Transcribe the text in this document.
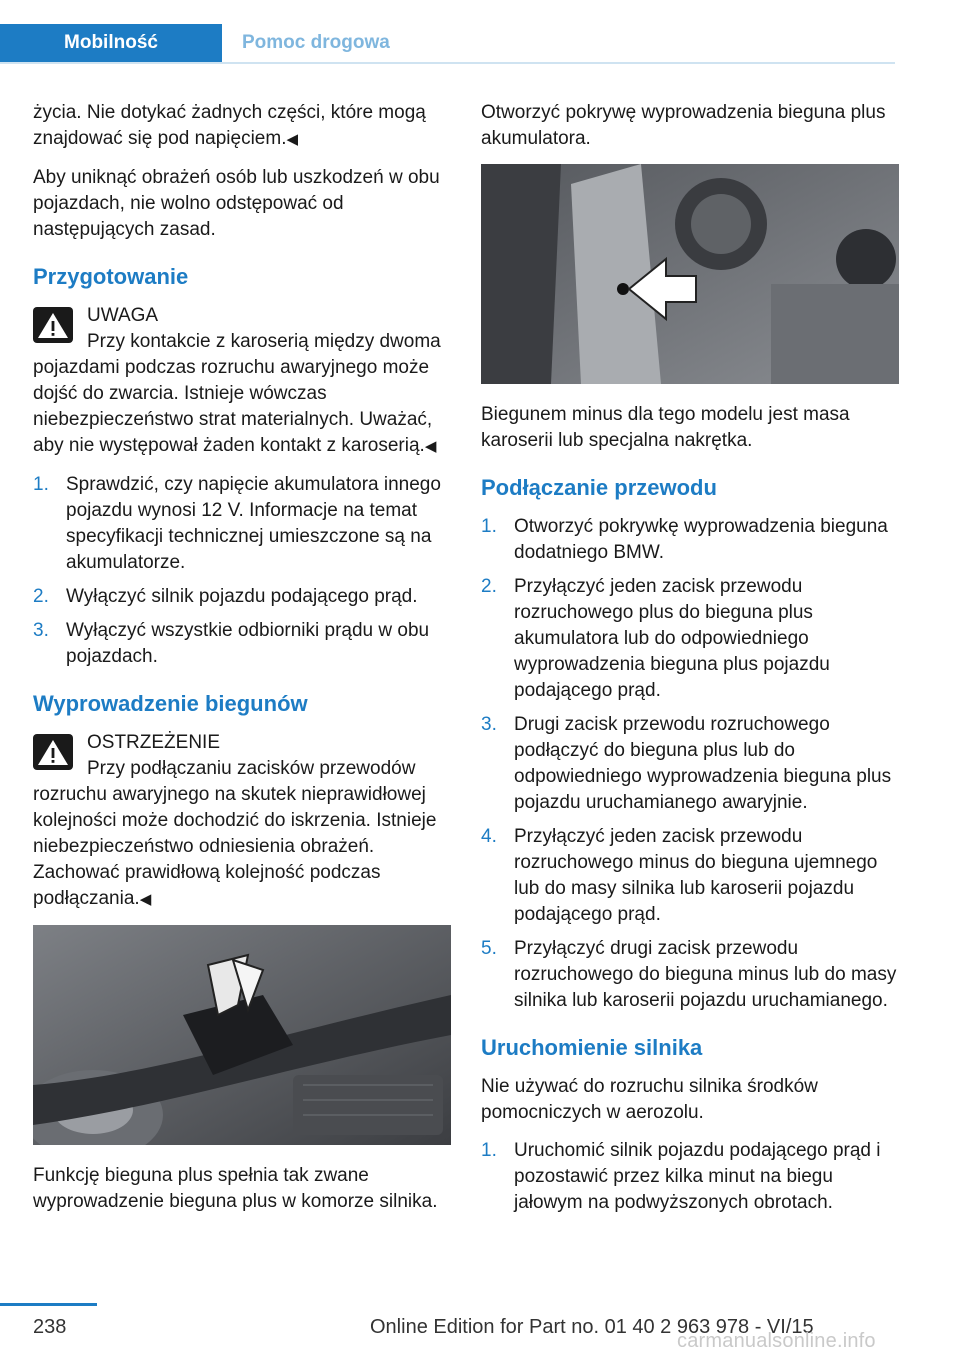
Mobilność	Pomoc drogowa

życia. Nie dotykać żadnych części, które mogą znajdować się pod napięciem.◀

Aby uniknąć obrażeń osób lub uszkodzeń w obu pojazdach, nie wolno odstępować od następujących zasad.

Przygotowanie
UWAGA
Przy kontakcie z karoserią między dwoma pojazdami podczas rozruchu awaryjnego może dojść do zwarcia. Istnieje wówczas niebezpieczeństwo strat materialnych. Uważać, aby nie występował żaden kontakt z karoserią.◀
1. Sprawdzić, czy napięcie akumulatora innego pojazdu wynosi 12 V. Informacje na temat specyfikacji technicznej umieszczone są na akumulatorze.
2. Wyłączyć silnik pojazdu podającego prąd.
3. Wyłączyć wszystkie odbiorniki prądu w obu pojazdach.
Wyprowadzenie biegunów
OSTRZEŻENIE
Przy podłączaniu zacisków przewodów rozruchu awaryjnego na skutek nieprawidłowej kolejności może dochodzić do iskrzenia. Istnieje niebezpieczeństwo odniesienia obrażeń. Zachować prawidłową kolejność podczas podłączania.◀

Funkcję bieguna plus spełnia tak zwane wyprowadzenie bieguna plus w komorze silnika.

Otworzyć pokrywę wyprowadzenia bieguna plus akumulatora.

Biegunem minus dla tego modelu jest masa karoserii lub specjalna nakrętka.

Podłączanie przewodu
1. Otworzyć pokrywkę wyprowadzenia bieguna dodatniego BMW.
2. Przyłączyć jeden zacisk przewodu rozruchowego plus do bieguna plus akumulatora lub do odpowiedniego wyprowadzenia bieguna plus pojazdu podającego prąd.
3. Drugi zacisk przewodu rozruchowego podłączyć do bieguna plus lub do odpowiedniego wyprowadzenia bieguna plus pojazdu uruchamianego awaryjnie.
4. Przyłączyć jeden zacisk przewodu rozruchowego minus do bieguna ujemnego lub do masy silnika lub karoserii pojazdu podającego prąd.
5. Przyłączyć drugi zacisk przewodu rozruchowego do bieguna minus lub do masy silnika lub karoserii pojazdu uruchamianego.
Uruchomienie silnika

Nie używać do rozruchu silnika środków pomocniczych w aerozolu.

1. Uruchomić silnik pojazdu podającego prąd i pozostawić przez kilka minut na biegu jałowym na podwyższonych obrotach.
238	Online Edition for Part no. 01 40 2 963 978 - VI/15
carmanualsonline.info
